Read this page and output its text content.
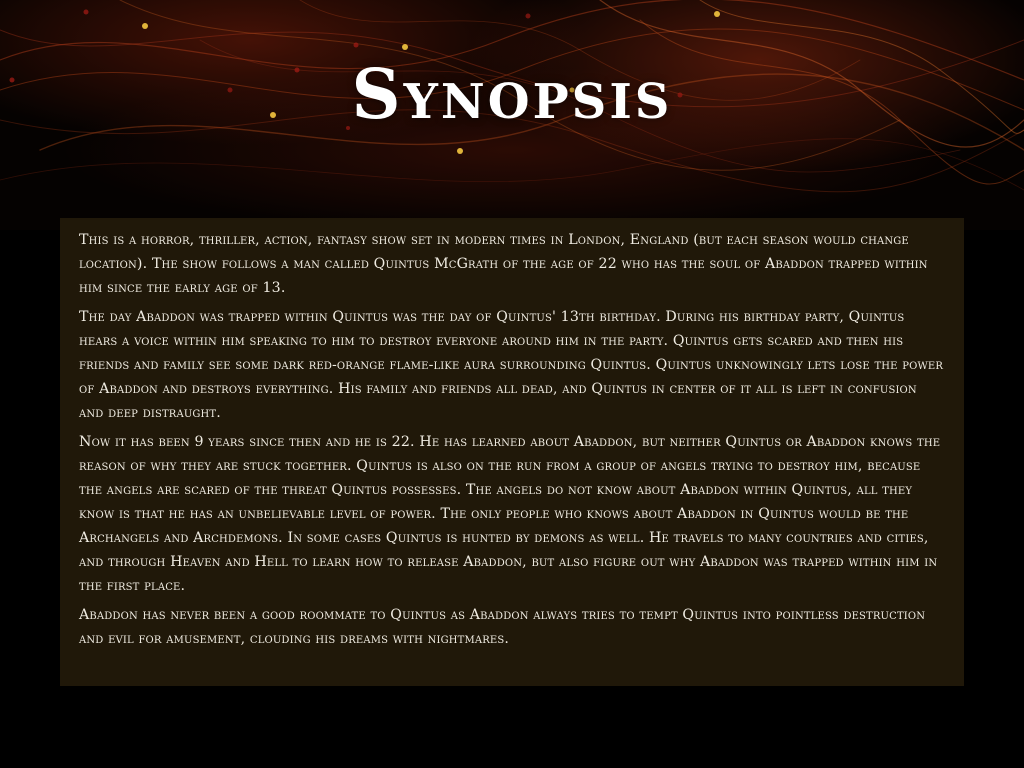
Synopsis

This is a horror, thriller, action, fantasy show set in modern times in London, England (but each season would change location). The show follows a man called Quintus McGrath of the age of 22 who has the soul of Abaddon trapped within him since the early age of 13.

The day Abaddon was trapped within Quintus was the day of Quintus' 13th birthday. During his birthday party, Quintus hears a voice within him speaking to him to destroy everyone around him in the party. Quintus gets scared and then his friends and family see some dark red-orange flame-like aura surrounding Quintus. Quintus unknowingly lets lose the power of Abaddon and destroys everything. His family and friends all dead, and Quintus in center of it all is left in confusion and deep distraught.

Now it has been 9 years since then and he is 22. He has learned about Abaddon, but neither Quintus or Abaddon knows the reason of why they are stuck together. Quintus is also on the run from a group of angels trying to destroy him, because the angels are scared of the threat Quintus possesses. The angels do not know about Abaddon within Quintus, all they know is that he has an unbelievable level of power. The only people who knows about Abaddon in Quintus would be the Archangels and Archdemons. In some cases Quintus is hunted by demons as well. He travels to many countries and cities, and through Heaven and Hell to learn how to release Abaddon, but also figure out why Abaddon was trapped within him in the first place.

Abaddon has never been a good roommate to Quintus as Abaddon always tries to tempt Quintus into pointless destruction and evil for amusement, clouding his dreams with nightmares.
